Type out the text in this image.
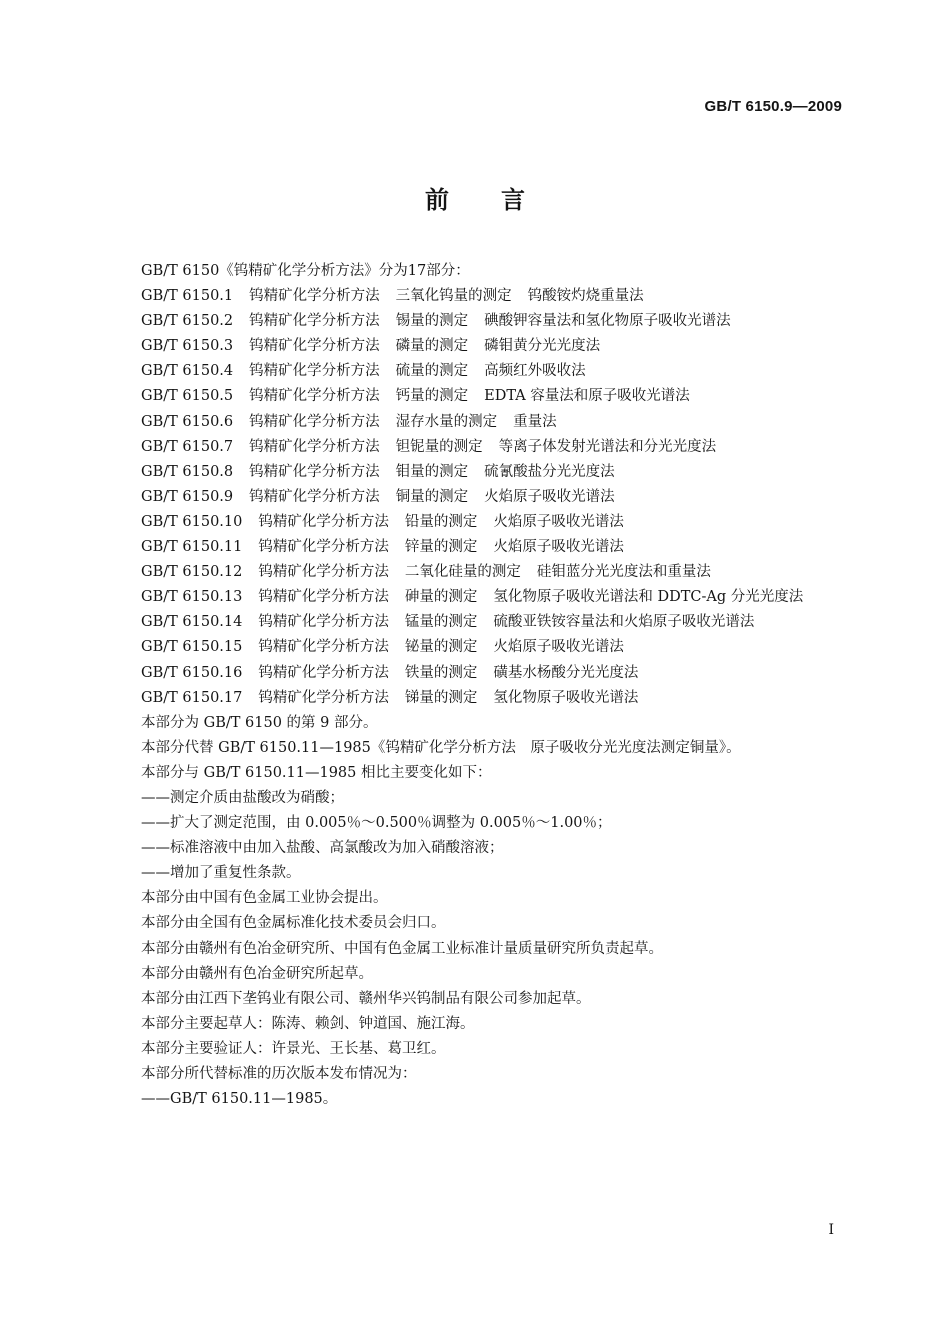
GB/T 6150.9—2009
前言

GB/T 6150《钨精矿化学分析方法》分为17部分：

GB/T 6150.1 钨精矿化学分析方法 三氧化钨量的测定 钨酸铵灼烧重量法

GB/T 6150.2 钨精矿化学分析方法 锡量的测定 碘酸钾容量法和氢化物原子吸收光谱法

GB/T 6150.3 钨精矿化学分析方法 磷量的测定 磷钼黄分光光度法

GB/T 6150.4 钨精矿化学分析方法 硫量的测定 高频红外吸收法

GB/T 6150.5 钨精矿化学分析方法 钙量的测定 EDTA 容量法和原子吸收光谱法

GB/T 6150.6 钨精矿化学分析方法 湿存水量的测定 重量法

GB/T 6150.7 钨精矿化学分析方法 钽铌量的测定 等离子体发射光谱法和分光光度法

GB/T 6150.8 钨精矿化学分析方法 钼量的测定 硫氰酸盐分光光度法

GB/T 6150.9 钨精矿化学分析方法 铜量的测定 火焰原子吸收光谱法

GB/T 6150.10 钨精矿化学分析方法 铅量的测定 火焰原子吸收光谱法

GB/T 6150.11 钨精矿化学分析方法 锌量的测定 火焰原子吸收光谱法

GB/T 6150.12 钨精矿化学分析方法 二氧化硅量的测定 硅钼蓝分光光度法和重量法

GB/T 6150.13 钨精矿化学分析方法 砷量的测定 氢化物原子吸收光谱法和 DDTC-Ag 分光光度法

GB/T 6150.14 钨精矿化学分析方法 锰量的测定 硫酸亚铁铵容量法和火焰原子吸收光谱法

GB/T 6150.15 钨精矿化学分析方法 铋量的测定 火焰原子吸收光谱法

GB/T 6150.16 钨精矿化学分析方法 铁量的测定 磺基水杨酸分光光度法

GB/T 6150.17 钨精矿化学分析方法 锑量的测定 氢化物原子吸收光谱法

本部分为 GB/T 6150 的第 9 部分。

本部分代替 GB/T 6150.11—1985《钨精矿化学分析方法　原子吸收分光光度法测定铜量》。

本部分与 GB/T 6150.11—1985 相比主要变化如下：

——测定介质由盐酸改为硝酸；

——扩大了测定范围，由 0.005％～0.500％调整为 0.005％～1.00％；

——标准溶液中由加入盐酸、高氯酸改为加入硝酸溶液；

——增加了重复性条款。

本部分由中国有色金属工业协会提出。

本部分由全国有色金属标准化技术委员会归口。

本部分由赣州有色冶金研究所、中国有色金属工业标准计量质量研究所负责起草。

本部分由赣州有色冶金研究所起草。

本部分由江西下垄钨业有限公司、赣州华兴钨制品有限公司参加起草。

本部分主要起草人：陈涛、赖剑、钟道国、施江海。

本部分主要验证人：许景光、王长基、葛卫红。

本部分所代替标准的历次版本发布情况为：

——GB/T 6150.11—1985。

I
